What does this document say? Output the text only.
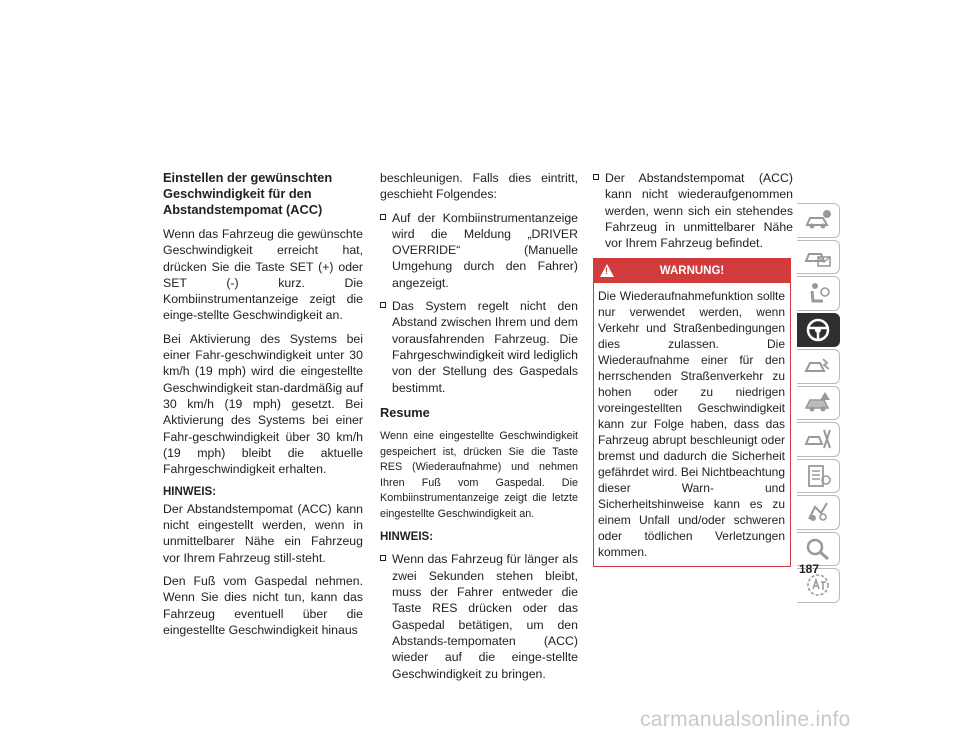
Einstellen der gewünschten
Geschwindigkeit für den
Abstandstempomat (ACC)

Wenn das Fahrzeug die gewünschte Geschwindigkeit erreicht hat, drücken Sie die Taste SET (+) oder SET (-) kurz. Die Kombiinstrumentanzeige zeigt die einge-stellte Geschwindigkeit an.

Bei Aktivierung des Systems bei einer Fahr-geschwindigkeit unter 30 km/h (19 mph) wird die eingestellte Geschwindigkeit stan-dardmäßig auf 30 km/h (19 mph) gesetzt. Bei Aktivierung des Systems bei einer Fahr-geschwindigkeit über 30 km/h (19 mph) bleibt die aktuelle Fahrgeschwindigkeit erhalten.

HINWEIS:

Der Abstandstempomat (ACC) kann nicht eingestellt werden, wenn in unmittelbarer Nähe ein Fahrzeug vor Ihrem Fahrzeug still-steht.

Den Fuß vom Gaspedal nehmen. Wenn Sie dies nicht tun, kann das Fahrzeug eventuell über die eingestellte Geschwindigkeit hinaus

beschleunigen. Falls dies eintritt, geschieht Folgendes:

Auf der Kombiinstrumentanzeige wird die Meldung „DRIVER OVERRIDE“ (Manuelle Umgehung durch den Fahrer) angezeigt.
Das System regelt nicht den Abstand zwischen Ihrem und dem vorausfahrenden Fahrzeug. Die Fahrgeschwindigkeit wird lediglich von der Stellung des Gaspedals bestimmt.
Resume

Wenn eine eingestellte Geschwindigkeit gespeichert ist, drücken Sie die Taste RES (Wiederaufnahme) und nehmen Ihren Fuß vom Gaspedal. Die Kombiinstrumentanzeige zeigt die letzte eingestellte Geschwindigkeit an.

HINWEIS:
Wenn das Fahrzeug für länger als zwei Sekunden stehen bleibt, muss der Fahrer entweder die Taste RES drücken oder das Gaspedal betätigen, um den Abstands-tempomaten (ACC) wieder auf die einge-stellte Geschwindigkeit zu bringen.
Der Abstandstempomat (ACC) kann nicht wiederaufgenommen werden, wenn sich ein stehendes Fahrzeug in unmittelbarer Nähe vor Ihrem Fahrzeug befindet.
!	WARNUNG!
Die Wiederaufnahmefunktion sollte nur verwendet werden, wenn Verkehr und Straßenbedingungen dies zulassen. Die Wiederaufnahme einer für den herrschenden Straßenverkehr zu hohen oder zu niedrigen voreingestellten Geschwindigkeit kann zur Folge haben, dass das Fahrzeug abrupt beschleunigt oder bremst und dadurch die Sicherheit gefährdet wird. Bei Nichtbeachtung dieser Warn- und Sicherheitshinweise kann es zu einem Unfall und/oder schweren oder tödlichen Verletzungen kommen.
187
carmanualsonline.info
